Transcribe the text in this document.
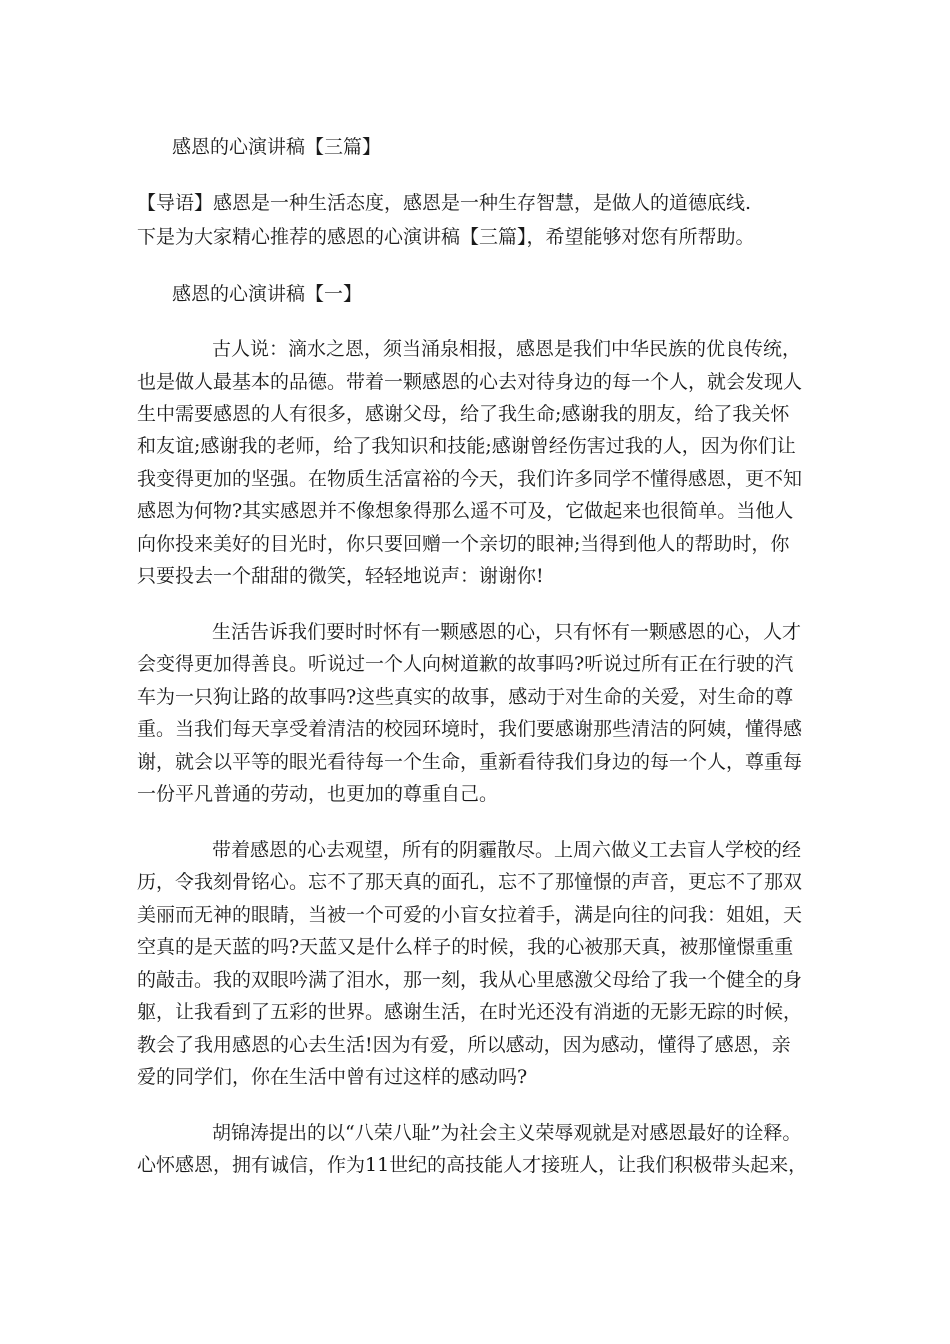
感恩的心演讲稿【三篇】
【导语】感恩是一种生活态度，感恩是一种生存智慧，是做人的道德底线.
下是为大家精心推荐的感恩的心演讲稿【三篇】，希望能够对您有所帮助。
感恩的心演讲稿【一】
古人说：滴水之恩，须当涌泉相报，感恩是我们中华民族的优良传统，
也是做人最基本的品德。带着一颗感恩的心去对待身边的每一个人，就会发现人
生中需要感恩的人有很多，感谢父母，给了我生命;感谢我的朋友，给了我关怀
和友谊;感谢我的老师，给了我知识和技能;感谢曾经伤害过我的人，因为你们让
我变得更加的坚强。在物质生活富裕的今天，我们许多同学不懂得感恩，更不知
感恩为何物?其实感恩并不像想象得那么遥不可及，它做起来也很简单。当他人
向你投来美好的目光时，你只要回赠一个亲切的眼神;当得到他人的帮助时，你
只要投去一个甜甜的微笑，轻轻地说声：谢谢你!
生活告诉我们要时时怀有一颗感恩的心，只有怀有一颗感恩的心，人才
会变得更加得善良。听说过一个人向树道歉的故事吗?听说过所有正在行驶的汽
车为一只狗让路的故事吗?这些真实的故事，感动于对生命的关爱，对生命的尊
重。当我们每天享受着清洁的校园环境时，我们要感谢那些清洁的阿姨，懂得感
谢，就会以平等的眼光看待每一个生命，重新看待我们身边的每一个人，尊重每
一份平凡普通的劳动，也更加的尊重自己。
带着感恩的心去观望，所有的阴霾散尽。上周六做义工去盲人学校的经
历，令我刻骨铭心。忘不了那天真的面孔，忘不了那憧憬的声音，更忘不了那双
美丽而无神的眼睛，当被一个可爱的小盲女拉着手，满是向往的问我：姐姐，天
空真的是天蓝的吗?天蓝又是什么样子的时候，我的心被那天真，被那憧憬重重
的敲击。我的双眼吟满了泪水，那一刻，我从心里感激父母给了我一个健全的身
躯，让我看到了五彩的世界。感谢生活，在时光还没有消逝的无影无踪的时候，
教会了我用感恩的心去生活!因为有爱，所以感动，因为感动，懂得了感恩，亲
爱的同学们，你在生活中曾有过这样的感动吗?
胡锦涛提出的以“八荣八耻”为社会主义荣辱观就是对感恩最好的诠释。
心怀感恩，拥有诚信，作为11世纪的高技能人才接班人，让我们积极带头起来，
